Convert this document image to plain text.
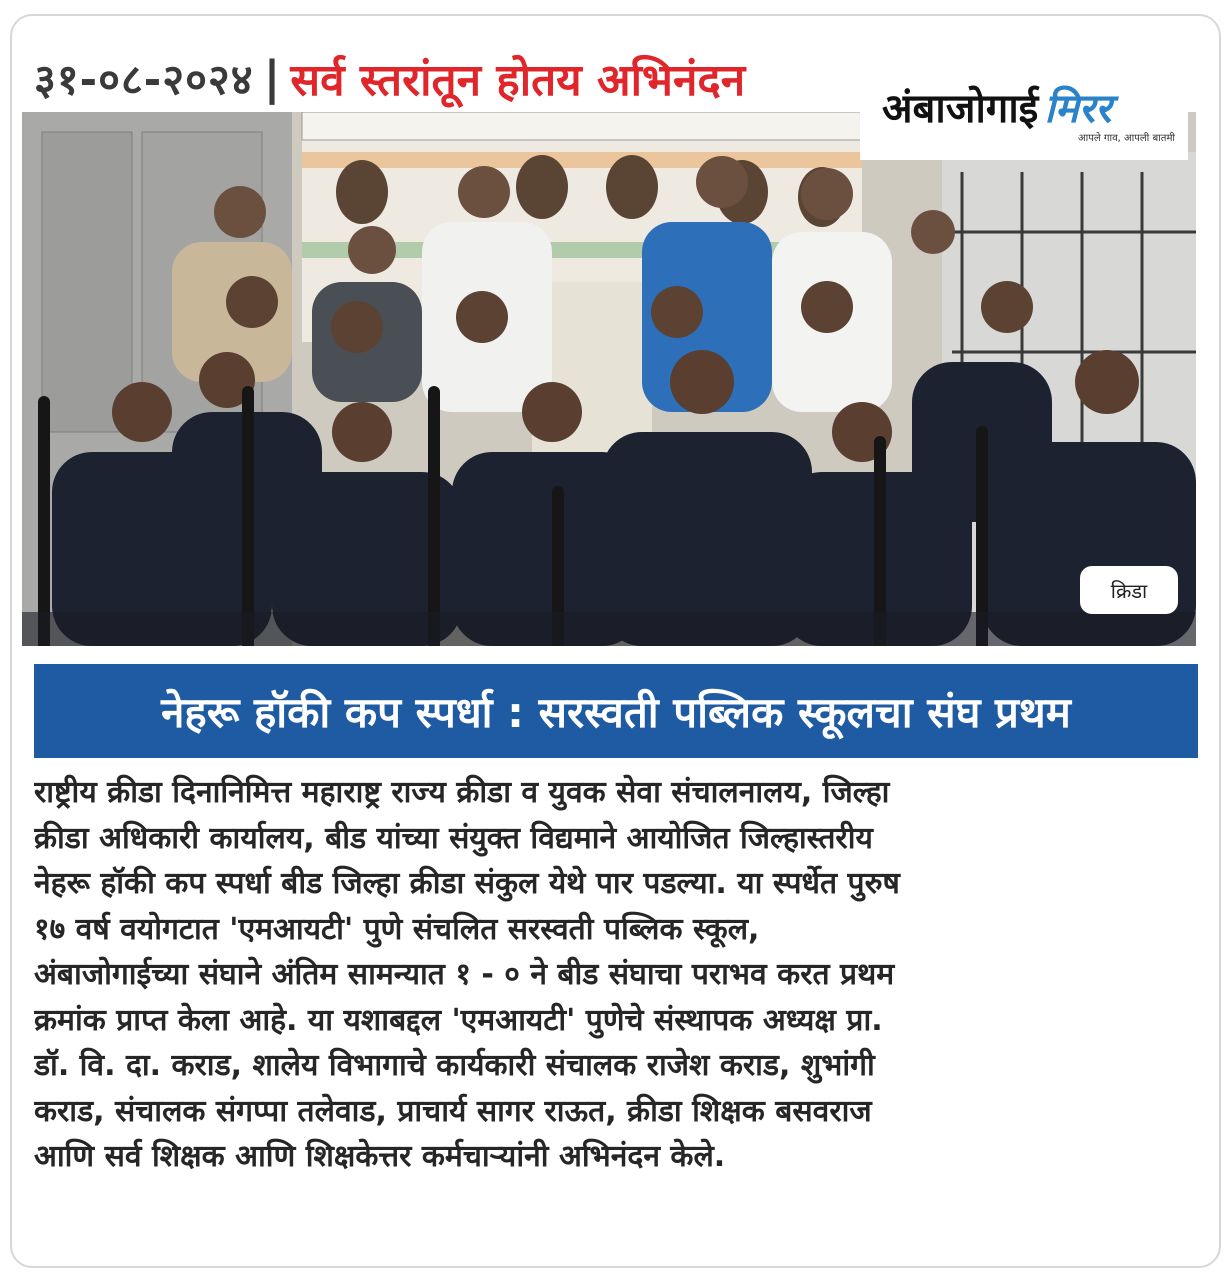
३१-०८-२०२४ | सर्व स्तरांतून होतय अभिनंदन
अंबाजोगाई मिरर
आपले गाव, आपली बातमी
क्रिडा
नेहरू हॉकी कप स्पर्धा : सरस्वती पब्लिक स्कूलचा संघ प्रथम
राष्ट्रीय क्रीडा दिनानिमित्त महाराष्ट्र राज्य क्रीडा व युवक सेवा संचालनालय, जिल्हा
क्रीडा अधिकारी कार्यालय, बीड यांच्या संयुक्त विद्यमाने आयोजित जिल्हास्तरीय
नेहरू हॉकी कप स्पर्धा बीड जिल्हा क्रीडा संकुल येथे पार पडल्या. या स्पर्धेत पुरुष
१७ वर्ष वयोगटात 'एमआयटी' पुणे संचलित सरस्वती पब्लिक स्कूल,
अंबाजोगाईच्या संघाने अंतिम सामन्यात १ - ० ने बीड संघाचा पराभव करत प्रथम
क्रमांक प्राप्त केला आहे. या यशाबद्दल 'एमआयटी' पुणेचे संस्थापक अध्यक्ष प्रा.
डॉ. वि. दा. कराड, शालेय विभागाचे कार्यकारी संचालक राजेश कराड, शुभांगी
कराड, संचालक संगप्पा तलेवाड, प्राचार्य सागर राऊत, क्रीडा शिक्षक बसवराज
आणि सर्व शिक्षक आणि शिक्षकेत्तर कर्मचाऱ्यांनी अभिनंदन केले.
